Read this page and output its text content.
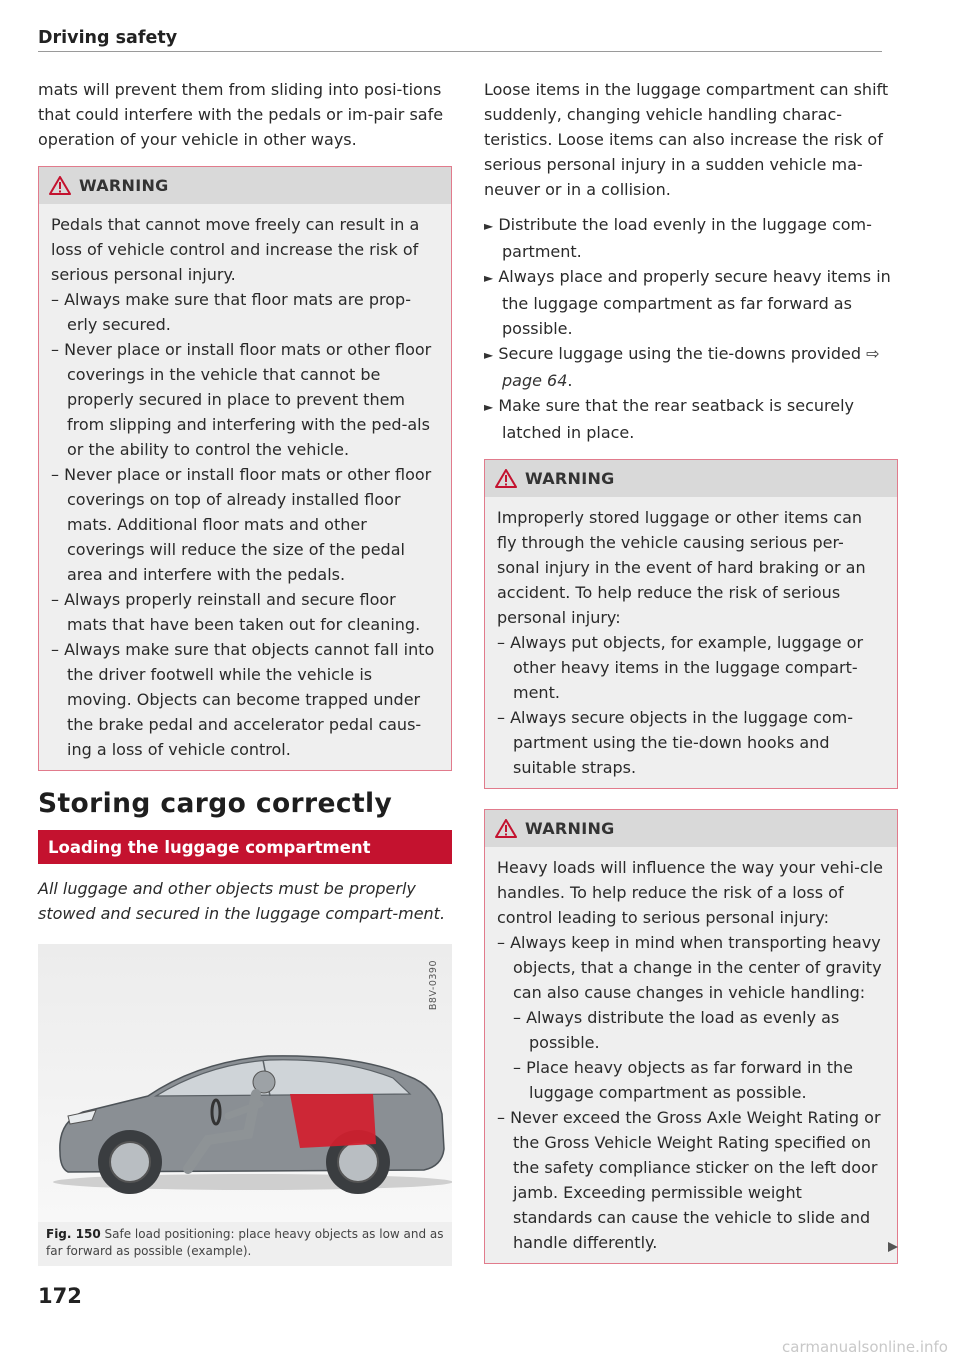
Driving safety

mats will prevent them from sliding into posi-tions that could interfere with the pedals or im-pair safe operation of your vehicle in other ways.

WARNING

Pedals that cannot move freely can result in a loss of vehicle control and increase the risk of serious personal injury.

– Always make sure that floor mats are prop-erly secured.

– Never place or install floor mats or other floor coverings in the vehicle that cannot be properly secured in place to prevent them from slipping and interfering with the ped-als or the ability to control the vehicle.

– Never place or install floor mats or other floor coverings on top of already installed floor mats. Additional floor mats and other coverings will reduce the size of the pedal area and interfere with the pedals.

– Always properly reinstall and secure floor mats that have been taken out for cleaning.

– Always make sure that objects cannot fall into the driver footwell while the vehicle is moving. Objects can become trapped under the brake pedal and accelerator pedal caus-ing a loss of vehicle control.

Storing cargo correctly
Loading the luggage compartment

All luggage and other objects must be properly stowed and secured in the luggage compart-ment.

B8V-0390
Fig. 150 Safe load positioning: place heavy objects as low and as far forward as possible (example).

Loose items in the luggage compartment can shift suddenly, changing vehicle handling charac-teristics. Loose items can also increase the risk of serious personal injury in a sudden vehicle ma-neuver or in a collision.

► Distribute the load evenly in the luggage com-partment.

► Always place and properly secure heavy items in the luggage compartment as far forward as possible.

► Secure luggage using the tie-downs provided ⇨ page 64.

► Make sure that the rear seatback is securely latched in place.

WARNING

Improperly stored luggage or other items can fly through the vehicle causing serious per-sonal injury in the event of hard braking or an accident. To help reduce the risk of serious personal injury:

– Always put objects, for example, luggage or other heavy items in the luggage compart-ment.

– Always secure objects in the luggage com-partment using the tie-down hooks and suitable straps.

WARNING

Heavy loads will influence the way your vehi-cle handles. To help reduce the risk of a loss of control leading to serious personal injury:

– Always keep in mind when transporting heavy objects, that a change in the center of gravity can also cause changes in vehicle handling:

– Always distribute the load as evenly as possible.

– Place heavy objects as far forward in the luggage compartment as possible.

– Never exceed the Gross Axle Weight Rating or the Gross Vehicle Weight Rating specified on the safety compliance sticker on the left door jamb. Exceeding permissible weight standards can cause the vehicle to slide and handle differently.

172
carmanualsonline.info
